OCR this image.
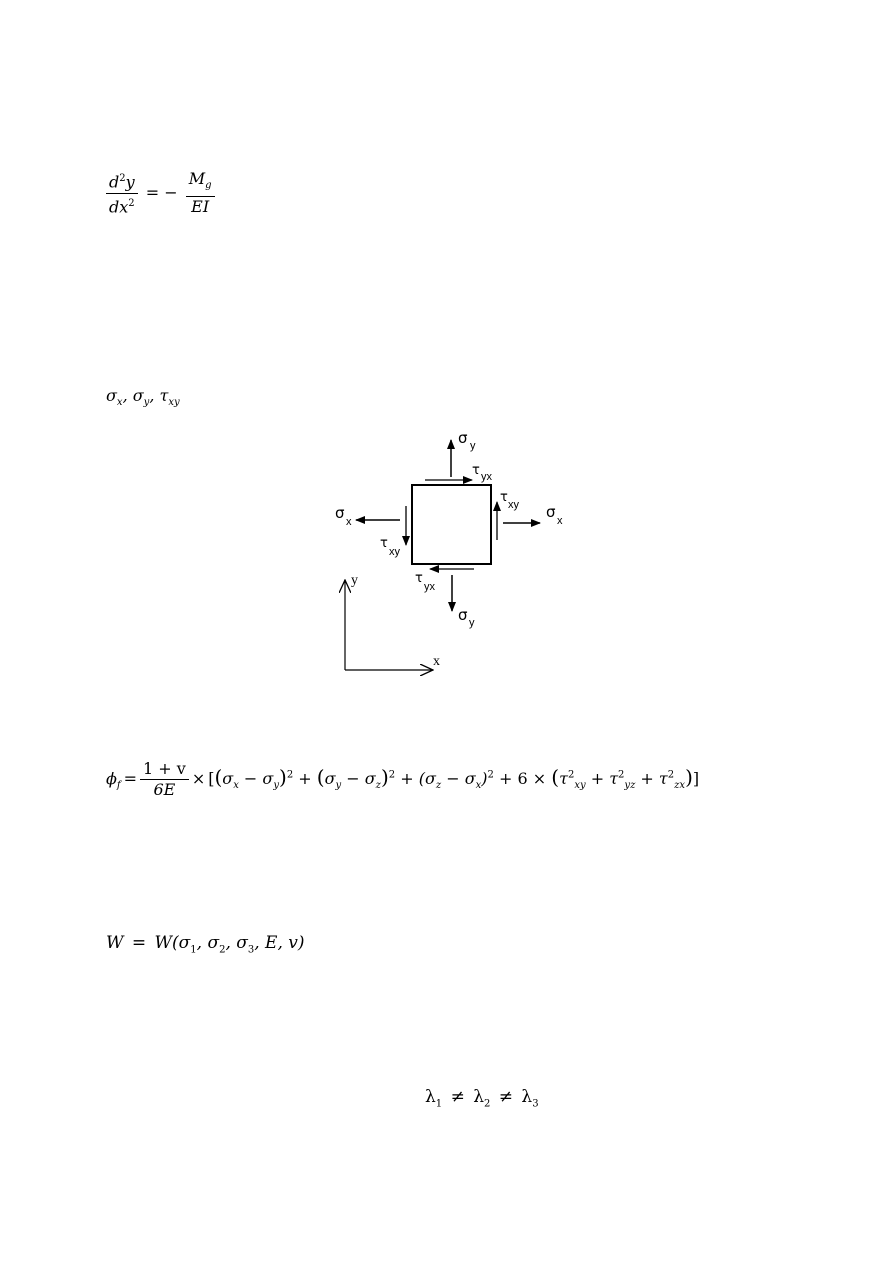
$\frac{d^2y}{dx^2}$ = − $\frac{M_g}{EI}$
$\sigma_x$, $\sigma_y$, $\tau_{xy}$
σ y
τ yx
τ xy σ x
σ x
τ
xy
τ
yx
σ y
y
x
$\phi_f = \frac{1 + v}{6E} \times [(\sigma_x - \sigma_y)^2 + (\sigma_y - \sigma_z)^2 + (\sigma_z - \sigma_x)^2 + 6 \times (\tau^2_{xy} + \tau^2_{yz} + \tau^2_{zx})]$
$W = W(\sigma_1$, $\sigma_2$, $\sigma_3$, E, v)
$\lambda_1 \ne \lambda_2 \ne \lambda_3$
